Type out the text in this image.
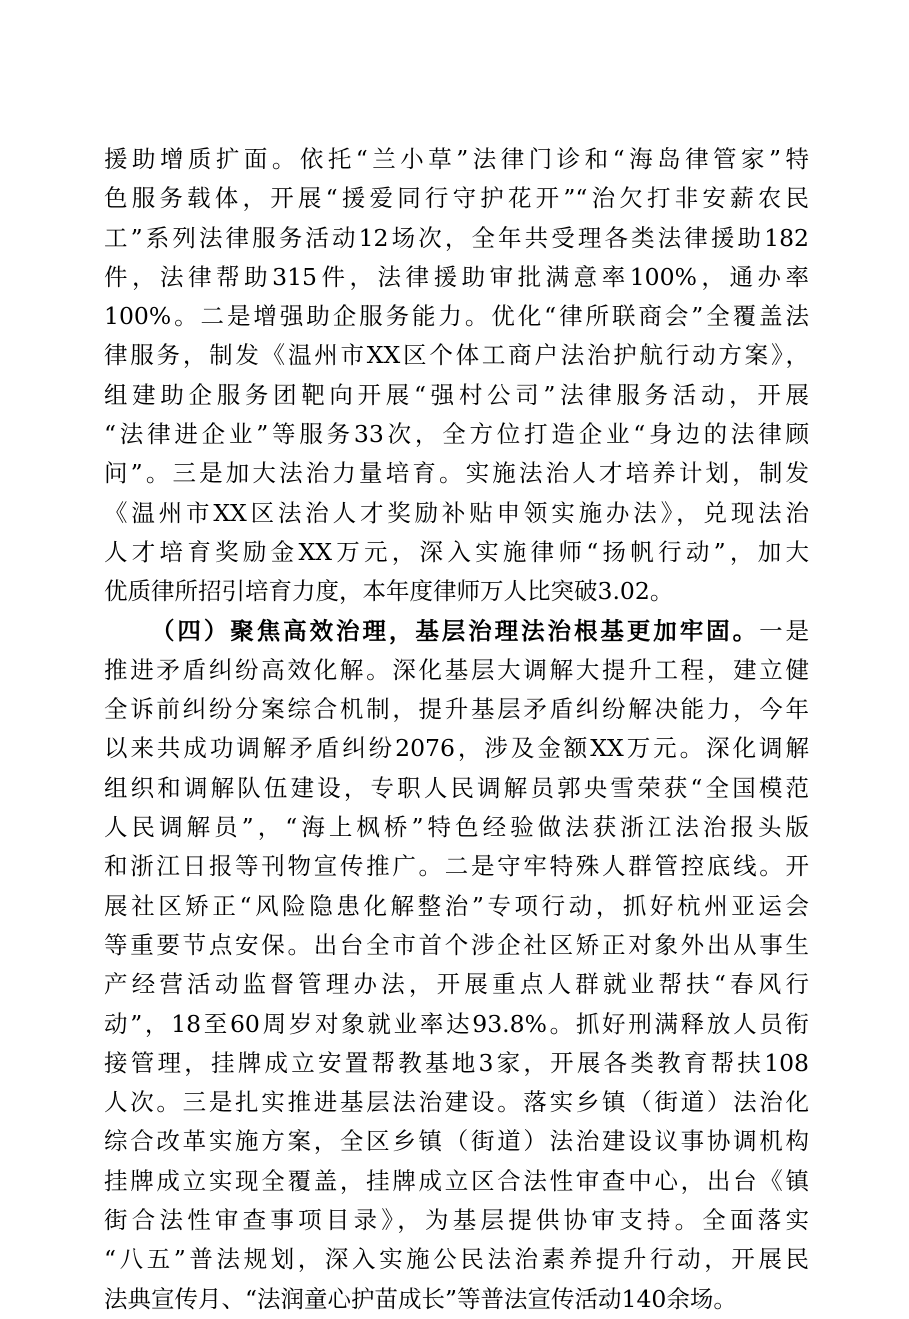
援助增质扩面。依托“兰小草”法律门诊和“海岛律管家”特
色服务载体，开展“援爱同行守护花开”“治欠打非安薪农民
工”系列法律服务活动12场次，全年共受理各类法律援助182
件，法律帮助315件，法律援助审批满意率100%，通办率
100%。二是增强助企服务能力。优化“律所联商会”全覆盖法
律服务，制发《温州市XX区个体工商户法治护航行动方案》，
组建助企服务团靶向开展“强村公司”法律服务活动，开展
“法律进企业”等服务33次，全方位打造企业“身边的法律顾
问”。三是加大法治力量培育。实施法治人才培养计划，制发
《温州市XX区法治人才奖励补贴申领实施办法》，兑现法治
人才培育奖励金XX万元，深入实施律师“扬帆行动”，加大
优质律所招引培育力度，本年度律师万人比突破3.02。
（四）聚焦高效治理，基层治理法治根基更加牢固。一是
推进矛盾纠纷高效化解。深化基层大调解大提升工程，建立健
全诉前纠纷分案综合机制，提升基层矛盾纠纷解决能力，今年
以来共成功调解矛盾纠纷2076，涉及金额XX万元。深化调解
组织和调解队伍建设，专职人民调解员郭央雪荣获“全国模范
人民调解员”，“海上枫桥”特色经验做法获浙江法治报头版
和浙江日报等刊物宣传推广。二是守牢特殊人群管控底线。开
展社区矫正“风险隐患化解整治”专项行动，抓好杭州亚运会
等重要节点安保。出台全市首个涉企社区矫正对象外出从事生
产经营活动监督管理办法，开展重点人群就业帮扶“春风行
动”，18至60周岁对象就业率达93.8%。抓好刑满释放人员衔
接管理，挂牌成立安置帮教基地3家，开展各类教育帮扶108
人次。三是扎实推进基层法治建设。落实乡镇（街道）法治化
综合改革实施方案，全区乡镇（街道）法治建设议事协调机构
挂牌成立实现全覆盖，挂牌成立区合法性审查中心，出台《镇
街合法性审查事项目录》，为基层提供协审支持。全面落实
“八五”普法规划，深入实施公民法治素养提升行动，开展民
法典宣传月、“法润童心护苗成长”等普法宣传活动140余场。
